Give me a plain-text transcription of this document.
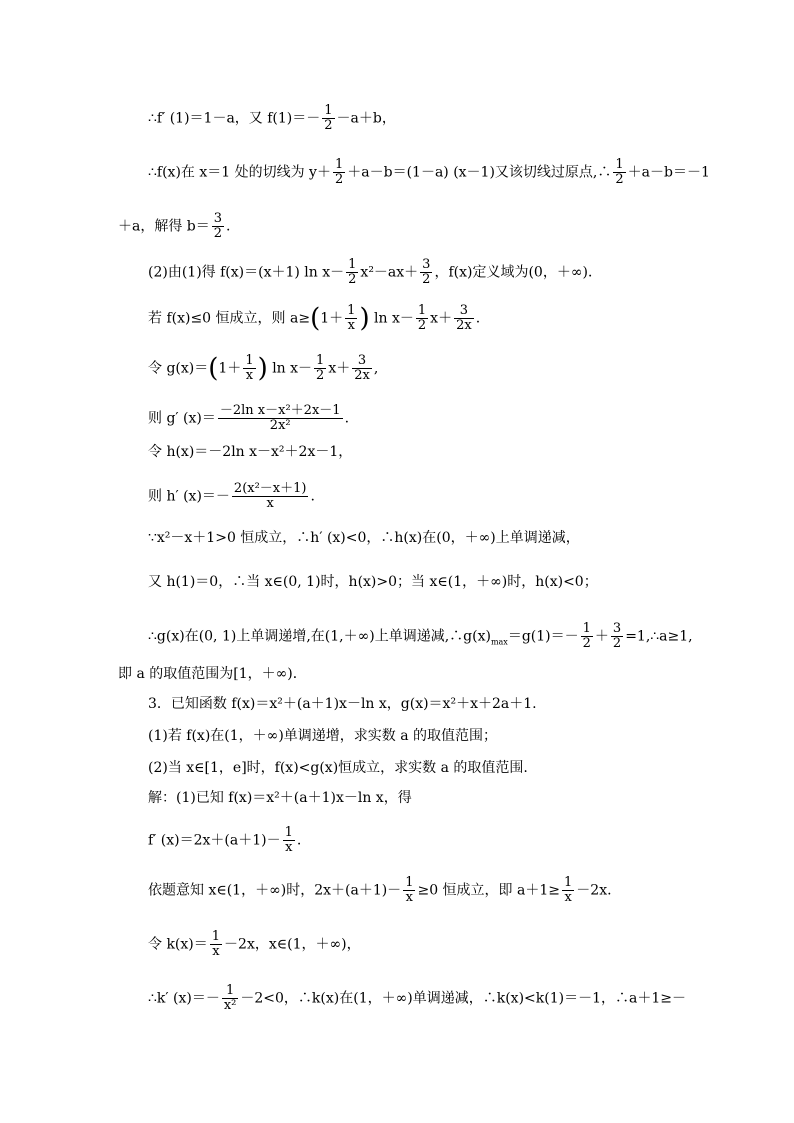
∴f′ (1)＝1－a，又 $f(1)=- \frac{1}{2} -a+b$，
∴f(x)在 x＝1 处的切线为 $y+ \frac{1}{2} +a-b=(1-a)$ (x－1)又该切线过原点,∴ $\frac{1}{2} +a-b=-1$
＋a，解得 $b= \frac{3}{2}$ .
(2)由(1)得 f(x)＝(x＋1) $\ln x- \frac{1}{2} x^2-ax+ \frac{3}{2}$ ，f(x)定义域为(0，＋∞)．
若 f(x)≤0 恒成立，则 $a\ge(1+ \frac{1}{x}$ ) $\ln x- \frac{1}{2} x+ \frac{3}{2x}$ .
令 $g(x)=(1+ \frac{1}{x}$ ) $\ln x- \frac{1}{2} x+ \frac{3}{2x}$ ,
则 g′ $(x)= \frac{\text{－2ln x－x²＋2x－1}}{\text{2x²}}$ .
令 h(x)＝－2ln x－x²＋2x－1，
则 h′ $(x)=- \frac{\text{2(x²－x＋1)}}{x}$ .
∵x²－x＋1>0 恒成立，∴h′ (x)<0，∴h(x)在(0，＋∞)上单调递减，
又 h(1)＝0，∴当 x∈(0, 1)时，h(x)>0；当 x∈(1，＋∞)时，h(x)<0；
∴g(x)在(0, 1)上单调递增,在(1,＋∞)上单调递减$,\therefore g(x)_{max}=g(1)=- \frac{1}{2} + \frac{3}{2}$ =1,∴a≥1,
即 a 的取值范围为[1，＋∞)．
3．已知函数 f(x)＝x²＋(a＋1)x－ln x，g(x)＝x²＋x＋2a＋1.
(1)若 f(x)在(1，＋∞)单调递增，求实数 a 的取值范围；
(2)当 x∈[1，e]时，f(x)<g(x)恒成立，求实数 a 的取值范围.
解：(1)已知 f(x)＝x²＋(a＋1)x－ln x，得
f′ $(x)=2x+(a+1)- \frac{1}{x}$ .
依题意知 x∈(1，＋∞)时，$2x+(a+1)- \frac{1}{x} \ge 0$ 恒成立，即 $a+1\ge \frac{1}{x} -2x$.
令 $k(x)= \frac{1}{x} -2x$，x∈(1，＋∞)，
∴k′ $(x)=- \frac{1}{\text{x²}} -2<0$，∴k(x)在(1，＋∞)单调递减，∴k(x)<k(1)＝－1，∴a＋1≥－
